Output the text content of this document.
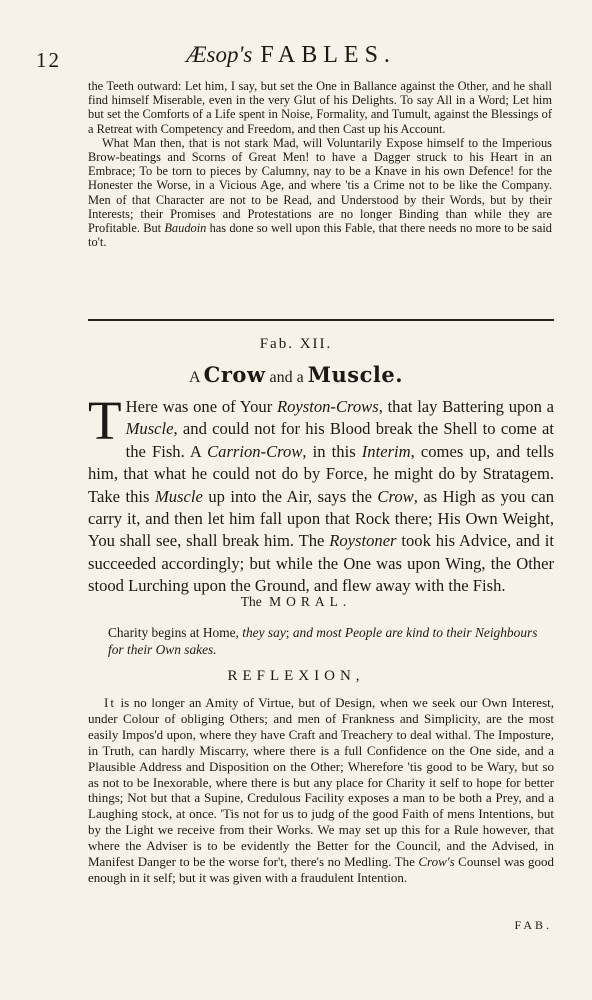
12	Æsop's FABLES.

the Teeth outward: Let him, I say, but set the One in Ballance against the Other, and he shall find himself Miserable, even in the very Glut of his Delights. To say All in a Word; Let him but set the Comforts of a Life spent in Noise, Formality, and Tumult, against the Blessings of a Retreat with Competency and Freedom, and then Cast up his Account.

What Man then, that is not stark Mad, will Voluntarily Expose himself to the Imperious Brow-beatings and Scorns of Great Men! to have a Dagger struck to his Heart in an Embrace; To be torn to pieces by Calumny, nay to be a Knave in his own Defence! for the Honester the Worse, in a Vicious Age, and where 'tis a Crime not to be like the Company. Men of that Character are not to be Read, and Understood by their Words, but by their Interests; their Promises and Protestations are no longer Binding than while they are Profitable. But Baudoin has done so well upon this Fable, that there needs no more to be said to't.

Fab. XII.
A Crow and a Muscle.

T Here was one of Your Royston-Crows, that lay Battering upon a Muscle, and could not for his Blood break the Shell to come at the Fish. A Carrion-Crow, in this Interim, comes up, and tells him, that what he could not do by Force, he might do by Stratagem. Take this Muscle up into the Air, says the Crow, as High as you can carry it, and then let him fall upon that Rock there; His Own Weight, You shall see, shall break him. The Roystoner took his Advice, and it succeeded accordingly; but while the One was upon Wing, the Other stood Lurching upon the Ground, and flew away with the Fish.

The MORAL.
Charity begins at Home, they say; and most People are kind to their Neighbours for their Own sakes.
REFLEXION,

It is no longer an Amity of Virtue, but of Design, when we seek our Own Interest, under Colour of obliging Others; and men of Frankness and Simplicity, are the most easily Impos'd upon, where they have Craft and Treachery to deal withal. The Imposture, in Truth, can hardly Miscarry, where there is a full Confidence on the One side, and a Plausible Address and Disposition on the Other; Wherefore 'tis good to be Wary, but so as not to be Inexorable, where there is but any place for Charity it self to hope for better things; Not but that a Supine, Credulous Facility exposes a man to be both a Prey, and a Laughing stock, at once. 'Tis not for us to judg of the good Faith of mens Intentions, but by the Light we receive from their Works. We may set up this for a Rule however, that where the Adviser is to be evidently the Better for the Council, and the Advised, in Manifest Danger to be the worse for't, there's no Medling. The Crow's Counsel was good enough in it self; but it was given with a fraudulent Intention.

FAB.
